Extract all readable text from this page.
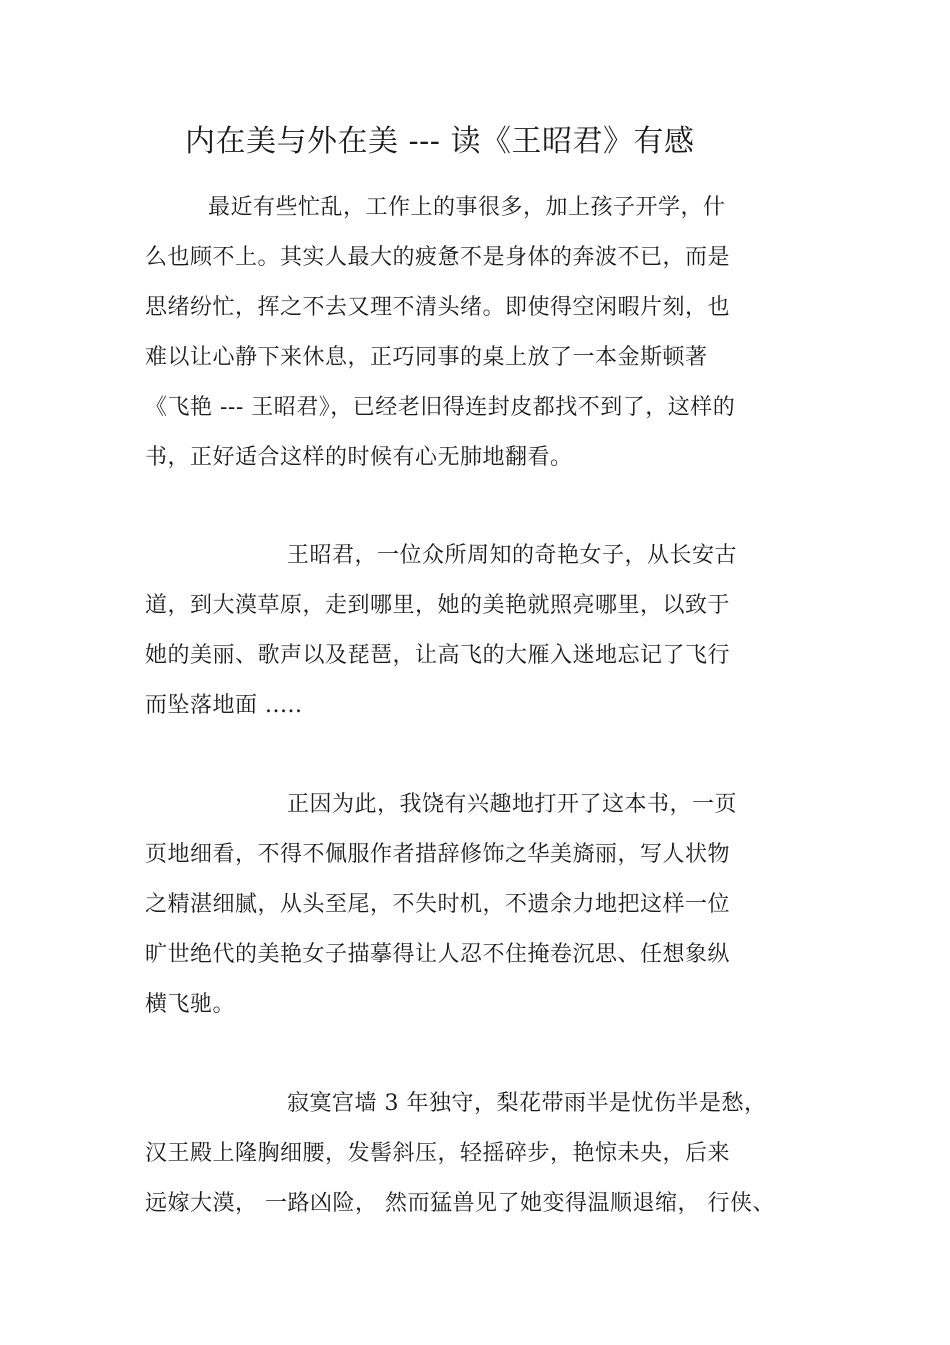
内在美与外在美 --- 读《王昭君》有感
最近有些忙乱，工作上的事很多，加上孩子开学，什
么也顾不上。其实人最大的疲惫不是身体的奔波不已，而是
思绪纷忙，挥之不去又理不清头绪。即使得空闲暇片刻，也
难以让心静下来休息，正巧同事的桌上放了一本金斯顿著
《飞艳 --- 王昭君》，已经老旧得连封皮都找不到了，这样的
书，正好适合这样的时候有心无肺地翻看。
王昭君，一位众所周知的奇艳女子，从长安古
道，到大漠草原，走到哪里，她的美艳就照亮哪里，以致于
她的美丽、歌声以及琵琶，让高飞的大雁入迷地忘记了飞行
而坠落地面 .....
正因为此，我饶有兴趣地打开了这本书，一页
页地细看，不得不佩服作者措辞修饰之华美旖丽，写人状物
之精湛细腻，从头至尾，不失时机，不遗余力地把这样一位
旷世绝代的美艳女子描摹得让人忍不住掩卷沉思、任想象纵
横飞驰。
寂寞宫墙 3 年独守，梨花带雨半是忧伤半是愁，
汉王殿上隆胸细腰，发髻斜压，轻摇碎步，艳惊未央，后来
远嫁大漠， 一路凶险， 然而猛兽见了她变得温顺退缩， 行侠、
